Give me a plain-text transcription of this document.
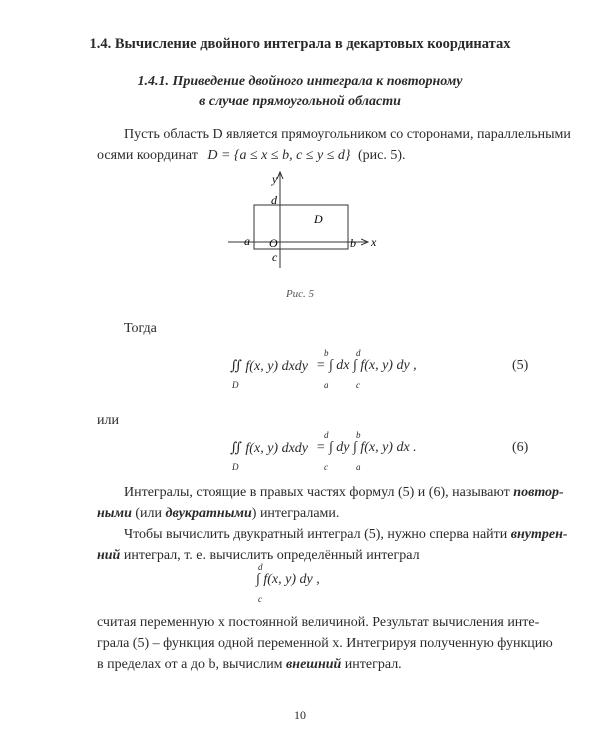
1.4. Вычисление двойного интеграла в декартовых координатах
1.4.1. Приведение двойного интеграла к повторному
в случае прямоугольной области
Пусть область D является прямоугольником со сторонами, параллельными
осями координат D = {a ≤ x ≤ b, c ≤ y ≤ d} (рис. 5).
y
x
d
D
a O	b
c
Рис. 5
Тогда
∬ f(x, y) dxdy
D
= ∫ dx ∫ f(x, y) dy ,
b
a
d
c
(5)
или
∬ f(x, y) dxdy
D
= ∫ dy ∫ f(x, y) dx .
d
c
b
a
(6)
Интегралы, стоящие в правых частях формул (5) и (6), называют повтор-
ными (или двукратными) интегралами.
Чтобы вычислить двукратный интеграл (5), нужно сперва найти внутрен-
ний интеграл, т. е. вычислить определённый интеграл
∫ f(x, y) dy ,
d
c
считая переменную x постоянной величиной. Результат вычисления инте-
грала (5) – функция одной переменной x. Интегрируя полученную функцию
в пределах от a до b, вычислим внешний интеграл.
10
